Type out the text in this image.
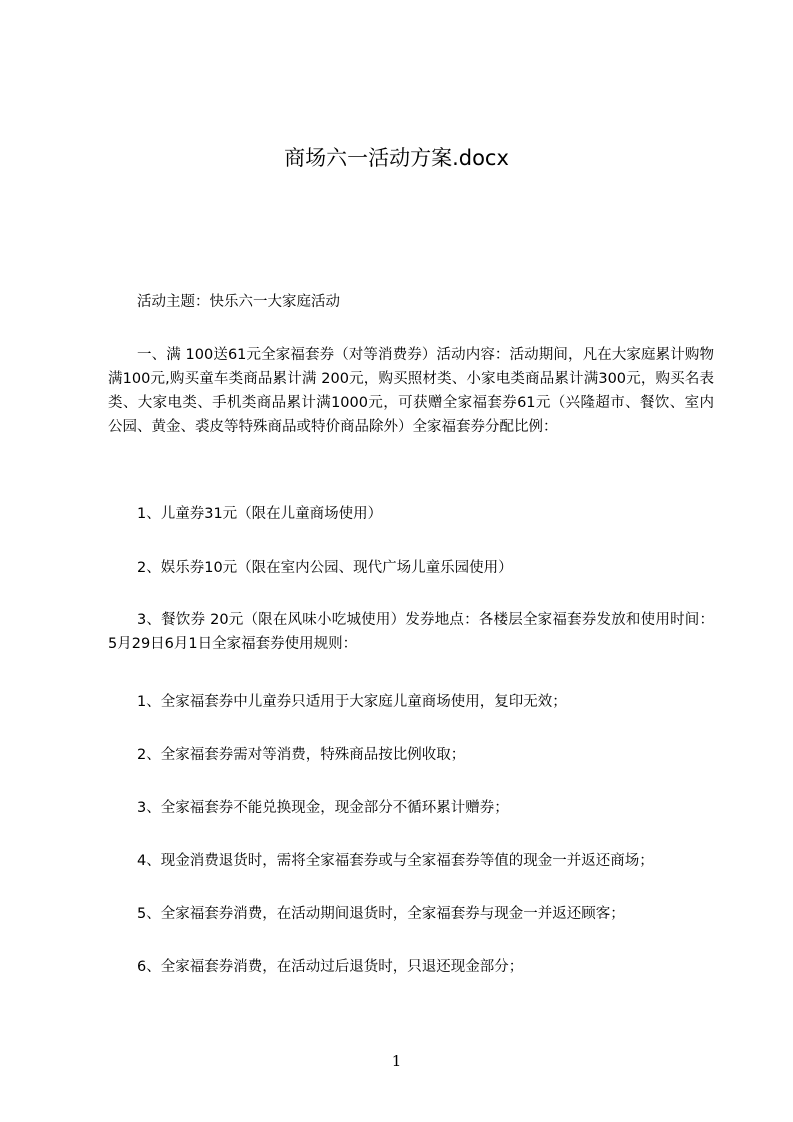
商场六一活动方案.docx

活动主题：快乐六一大家庭活动

一、满 100送61元全家福套券（对等消费券）活动内容：活动期间，凡在大家庭累计购物满100元,购买童车类商品累计满 200元，购买照材类、小家电类商品累计满300元，购买名表类、大家电类、手机类商品累计满1000元，可获赠全家福套券61元（兴隆超市、餐饮、室内公园、黄金、裘皮等特殊商品或特价商品除外）全家福套券分配比例：

1、儿童券31元（限在儿童商场使用）

2、娱乐券10元（限在室内公园、现代广场儿童乐园使用）

3、餐饮券 20元（限在风味小吃城使用）发券地点：各楼层全家福套券发放和使用时间：5月29日6月1日全家福套券使用规则：

1、全家福套券中儿童券只适用于大家庭儿童商场使用，复印无效；

2、全家福套券需对等消费，特殊商品按比例收取；

3、全家福套券不能兑换现金，现金部分不循环累计赠券；

4、现金消费退货时，需将全家福套券或与全家福套券等值的现金一并返还商场；

5、全家福套券消费，在活动期间退货时，全家福套券与现金一并返还顾客；

6、全家福套券消费，在活动过后退货时，只退还现金部分；

1
